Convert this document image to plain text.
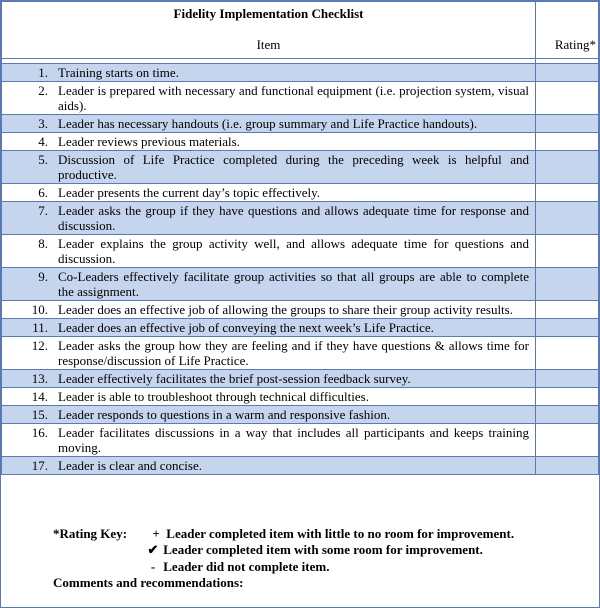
Fidelity Implementation Checklist
Item	Rating*

1. Training starts on time.	

2. Leader is prepared with necessary and functional equipment (i.e. projection system, visual aids).	

3. Leader has necessary handouts (i.e. group summary and Life Practice handouts).	

4. Leader reviews previous materials.	

5. Discussion of Life Practice completed during the preceding week is helpful and productive.	

6. Leader presents the current day’s topic effectively.	

7. Leader asks the group if they have questions and allows adequate time for response and discussion.	

8. Leader explains the group activity well, and allows adequate time for questions and discussion.	

9. Co-Leaders effectively facilitate group activities so that all groups are able to complete the assignment.	

10. Leader does an effective job of allowing the groups to share their group activity results.	

11. Leader does an effective job of conveying the next week’s Life Practice.	

12. Leader asks the group how they are feeling and if they have questions & allows time for response/discussion of Life Practice.	

13. Leader effectively facilitates the brief post-session feedback survey.	

14. Leader is able to troubleshoot through technical difficulties.	

15. Leader responds to questions in a warm and responsive fashion.	

16. Leader facilitates discussions in a way that includes all participants and keeps training moving.	

17. Leader is clear and concise.	

*Rating Key: + Leader completed item with little to no room for improvement.
✔ Leader completed item with some room for improvement.
- Leader did not complete item.
Comments and recommendations:
